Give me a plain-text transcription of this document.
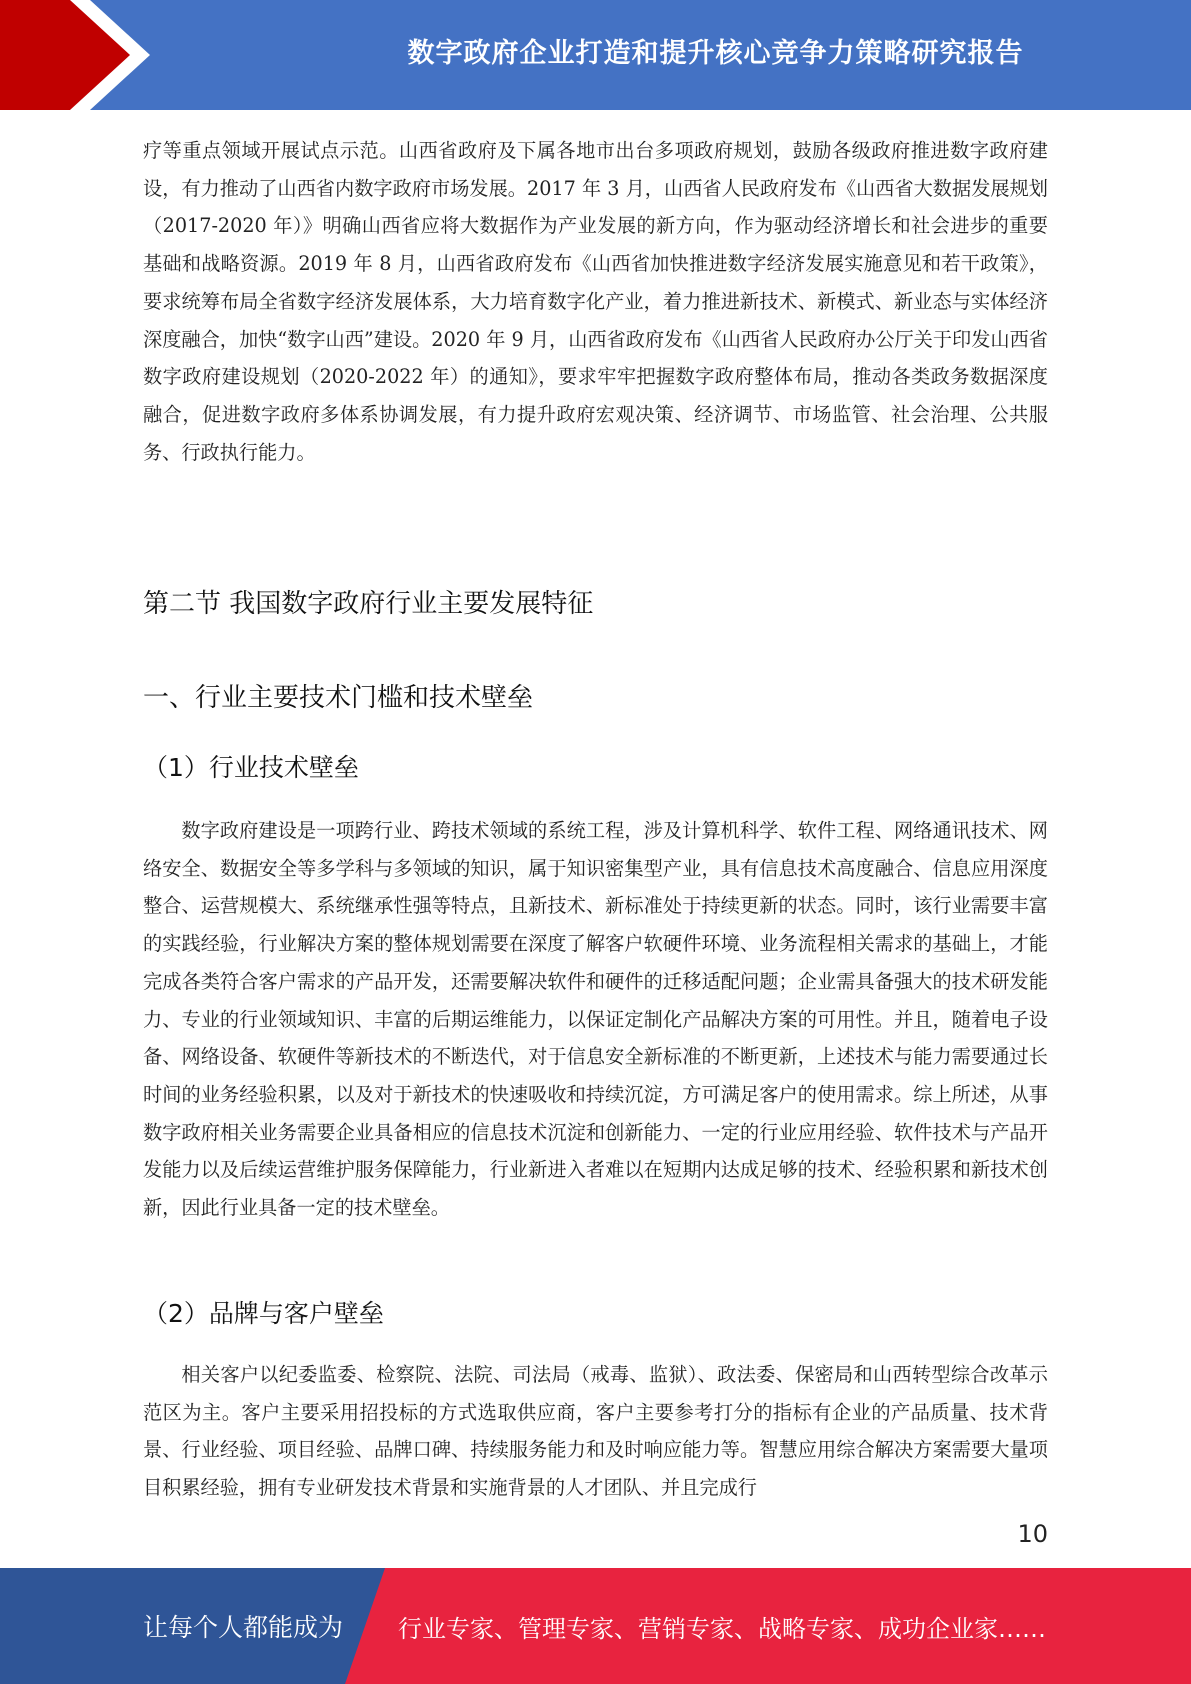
数字政府企业打造和提升核心竞争力策略研究报告

疗等重点领域开展试点示范。山西省政府及下属各地市出台多项政府规划，鼓励各级政府推进数字政府建设，有力推动了山西省内数字政府市场发展。2017 年 3 月，山西省人民政府发布《山西省大数据发展规划（2017-2020 年）》明确山西省应将大数据作为产业发展的新方向，作为驱动经济增长和社会进步的重要基础和战略资源。2019 年 8 月，山西省政府发布《山西省加快推进数字经济发展实施意见和若干政策》，要求统筹布局全省数字经济发展体系，大力培育数字化产业，着力推进新技术、新模式、新业态与实体经济深度融合，加快“数字山西”建设。2020 年 9 月，山西省政府发布《山西省人民政府办公厅关于印发山西省数字政府建设规划（2020-2022 年）的通知》，要求牢牢把握数字政府整体布局，推动各类政务数据深度融合，促进数字政府多体系协调发展，有力提升政府宏观决策、经济调节、市场监管、社会治理、公共服务、行政执行能力。

第二节 我国数字政府行业主要发展特征
一、行业主要技术门槛和技术壁垒
（1）行业技术壁垒

数字政府建设是一项跨行业、跨技术领域的系统工程，涉及计算机科学、软件工程、网络通讯技术、网络安全、数据安全等多学科与多领域的知识，属于知识密集型产业，具有信息技术高度融合、信息应用深度整合、运营规模大、系统继承性强等特点，且新技术、新标准处于持续更新的状态。同时，该行业需要丰富的实践经验，行业解决方案的整体规划需要在深度了解客户软硬件环境、业务流程相关需求的基础上，才能完成各类符合客户需求的产品开发，还需要解决软件和硬件的迁移适配问题；企业需具备强大的技术研发能力、专业的行业领域知识、丰富的后期运维能力，以保证定制化产品解决方案的可用性。并且，随着电子设备、网络设备、软硬件等新技术的不断迭代，对于信息安全新标准的不断更新，上述技术与能力需要通过长时间的业务经验积累，以及对于新技术的快速吸收和持续沉淀，方可满足客户的使用需求。综上所述，从事数字政府相关业务需要企业具备相应的信息技术沉淀和创新能力、一定的行业应用经验、软件技术与产品开发能力以及后续运营维护服务保障能力，行业新进入者难以在短期内达成足够的技术、经验积累和新技术创新，因此行业具备一定的技术壁垒。

（2）品牌与客户壁垒

相关客户以纪委监委、检察院、法院、司法局（戒毒、监狱）、政法委、保密局和山西转型综合改革示范区为主。客户主要采用招投标的方式选取供应商，客户主要参考打分的指标有企业的产品质量、技术背景、行业经验、项目经验、品牌口碑、持续服务能力和及时响应能力等。智慧应用综合解决方案需要大量项目积累经验，拥有专业研发技术背景和实施背景的人才团队、并且完成行

10
让每个人都能成为 行业专家、管理专家、营销专家、战略专家、成功企业家……
